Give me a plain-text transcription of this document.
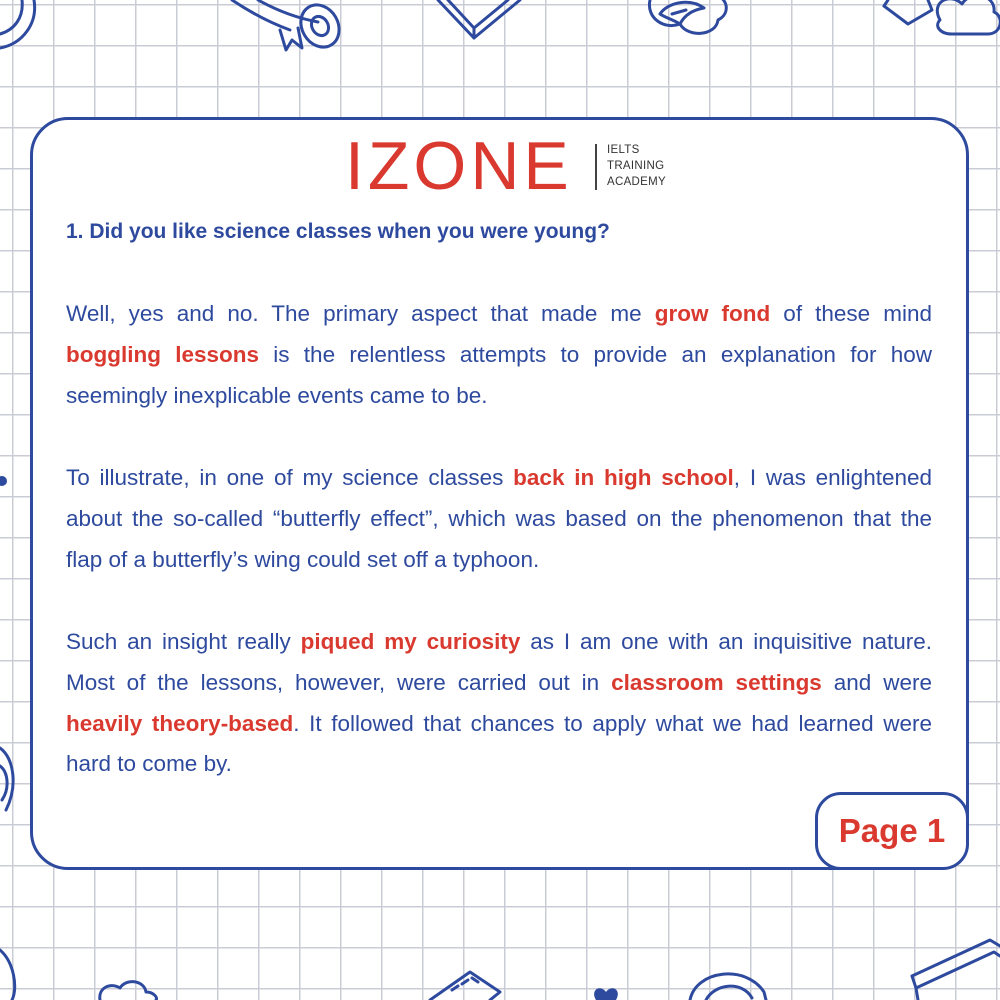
IZONE	IELTS
TRAINING
ACADEMY
1. Did you like science classes when you were young?

Well, yes and no. The primary aspect that made me grow fond of these mind boggling lessons is the relentless attempts to provide an explanation for how seemingly inexplicable events came to be.

To illustrate, in one of my science classes back in high school, I was enlightened about the so-called “butterfly effect”, which was based on the phenomenon that the flap of a butterfly’s wing could set off a typhoon.

Such an insight really piqued my curiosity as I am one with an inquisitive nature. Most of the lessons, however, were carried out in classroom settings and were heavily theory-based. It followed that chances to apply what we had learned were hard to come by.

Page 1
